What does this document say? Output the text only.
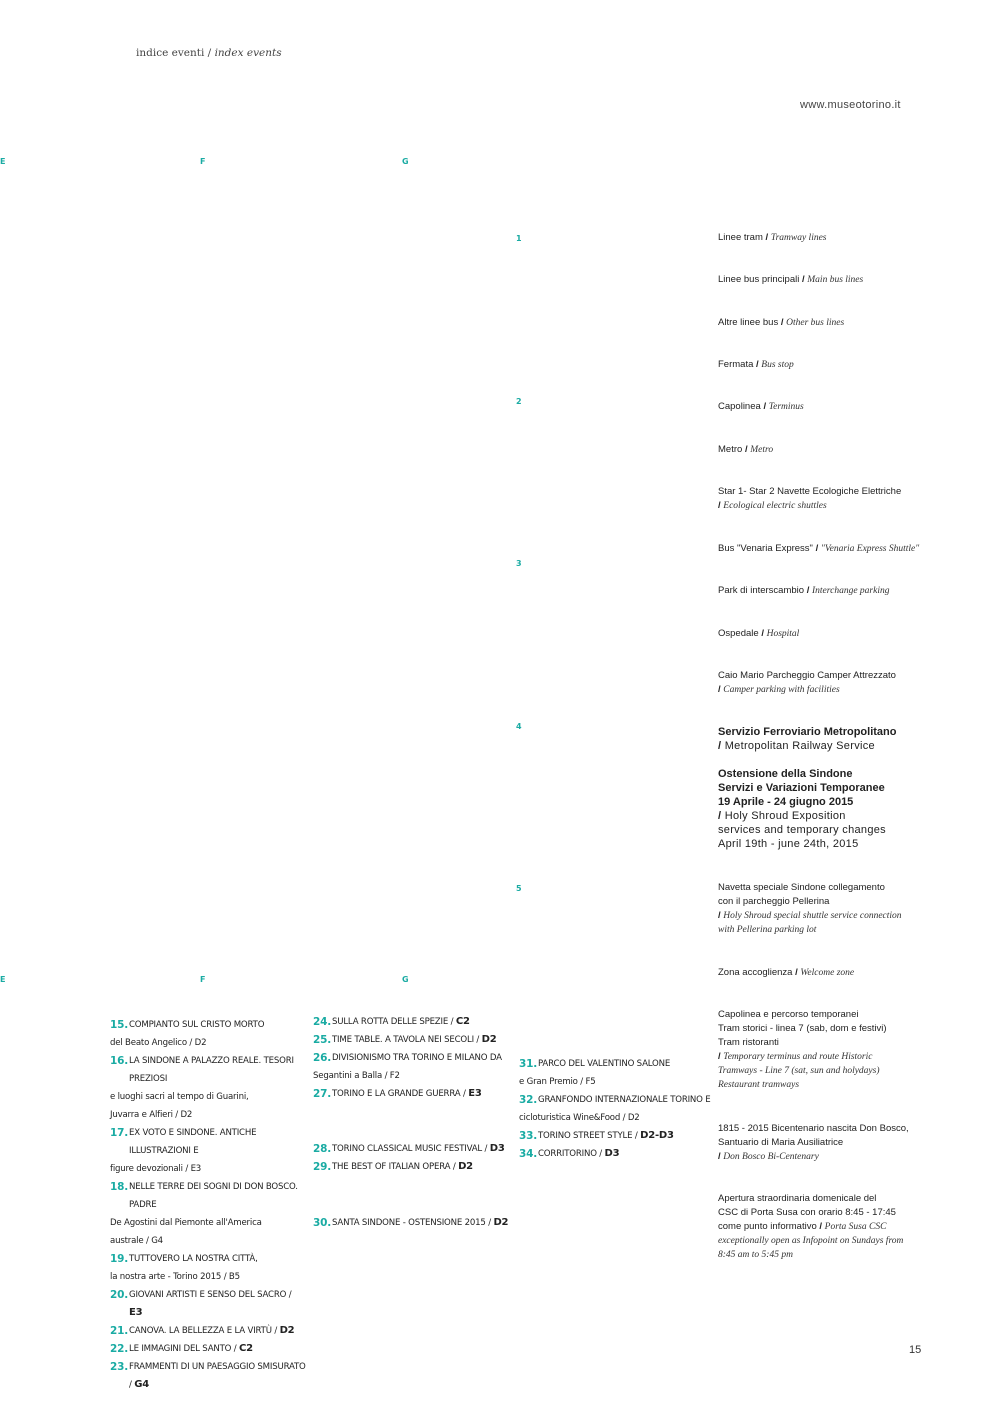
indice eventi / index events
www.museotorino.it
E	F	G
E	F	G
1
2
3
4
5
Linee tram / Tramway lines
Linee bus principali / Main bus lines
Altre linee bus / Other bus lines
Fermata / Bus stop
Capolinea / Terminus
Metro / Metro
Star 1- Star 2 Navette Ecologiche Elettriche
/ Ecological electric shuttles
Bus "Venaria Express" / "Venaria Express Shuttle"
Park di interscambio / Interchange parking
Ospedale / Hospital
Caio Mario Parcheggio Camper Attrezzato
/ Camper parking with facilities
Servizio Ferroviario Metropolitano
/ Metropolitan Railway Service
Ostensione della Sindone
Servizi e Variazioni Temporanee
19 Aprile - 24 giugno 2015
/ Holy Shroud Exposition
services and temporary changes
April 19th - june 24th, 2015
Navetta speciale Sindone collegamento
con il parcheggio Pellerina
/ Holy Shroud special shuttle service connection
with Pellerina parking lot
Zona accoglienza / Welcome zone
Capolinea e percorso temporanei
Tram storici - linea 7 (sab, dom e festivi)
Tram ristoranti
/ Temporary terminus and route Historic
Tramways - Line 7 (sat, sun and holydays)
Restaurant tramways
1815 - 2015 Bicentenario nascita Don Bosco,
Santuario di Maria Ausiliatrice
/ Don Bosco Bi-Centenary
Apertura straordinaria domenicale del
CSC di Porta Susa con orario 8:45 - 17:45
come punto informativo / Porta Susa CSC
exceptionally open as Infopoint on Sundays from
8:45 am to 5:45 pm
15. COMPIANTO SUL CRISTO MORTO
del Beato Angelico / D2
16. LA SINDONE A PALAZZO REALE. TESORI PREZIOSI
e luoghi sacri al tempo di Guarini,
Juvarra e Alfieri / D2
17. EX VOTO E SINDONE. ANTICHE ILLUSTRAZIONI E
figure devozionali / E3
18. NELLE TERRE DEI SOGNI DI DON BOSCO. PADRE
De Agostini dal Piemonte all'America
australe / G4
19. TUTTOVERO LA NOSTRA CITTÀ,
la nostra arte - Torino 2015 / B5
20. GIOVANI ARTISTI E SENSO DEL SACRO / E3
21. CANOVA. LA BELLEZZA E LA VIRTÙ / D2
22. LE IMMAGINI DEL SANTO / C2
23. FRAMMENTI DI UN PAESAGGIO SMISURATO / G4
24. SULLA ROTTA DELLE SPEZIE / C2
25. TIME TABLE. A TAVOLA NEI SECOLI / D2
26. DIVISIONISMO TRA TORINO E MILANO DA
Segantini a Balla / F2
27. TORINO E LA GRANDE GUERRA / E3
28. TORINO CLASSICAL MUSIC FESTIVAL / D3
29. THE BEST OF ITALIAN OPERA / D2
30. SANTA SINDONE - OSTENSIONE 2015 / D2
31. PARCO DEL VALENTINO SALONE
e Gran Premio / F5
32. GRANFONDO INTERNAZIONALE TORINO E
cicloturistica Wine&Food / D2
33. TORINO STREET STYLE / D2-D3
34. CORRITORINO / D3
15
